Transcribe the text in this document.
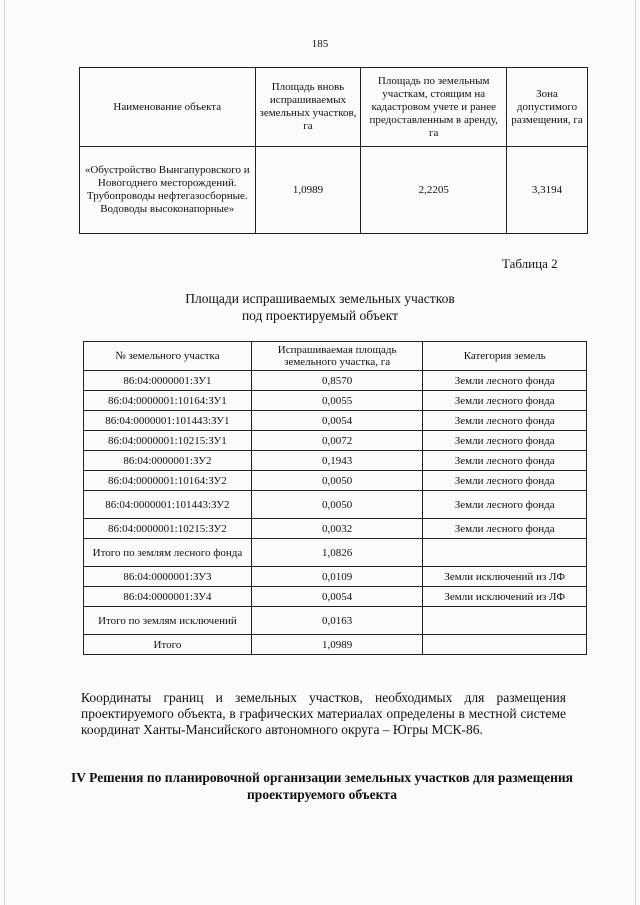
185
Наименование объекта	Площадь вновь испрашиваемых земельных участков, га	Площадь по земельным участкам, стоящим на кадастровом учете и ранее предоставленным в аренду, га	Зона допустимого размещения, га
«Обустройство Вынгапуровского и Новогоднего месторождений. Трубопроводы нефтегазосборные. Водоводы высоконапорные»	1,0989	2,2205	3,3194
Таблица 2
Площади испрашиваемых земельных участков
под проектируемый объект
№ земельного участка	Испрашиваемая площадь земельного участка, га	Категория земель
86:04:0000001:ЗУ1	0,8570	Земли лесного фонда
86:04:0000001:10164:ЗУ1	0,0055	Земли лесного фонда
86:04:0000001:101443:ЗУ1	0,0054	Земли лесного фонда
86:04:0000001:10215:ЗУ1	0,0072	Земли лесного фонда
86:04:0000001:ЗУ2	0,1943	Земли лесного фонда
86:04:0000001:10164:ЗУ2	0,0050	Земли лесного фонда
86:04:0000001:101443:ЗУ2	0,0050	Земли лесного фонда
86:04:0000001:10215:ЗУ2	0,0032	Земли лесного фонда
Итого по землям лесного фонда	1,0826	
86:04:0000001:ЗУ3	0,0109	Земли исключений из ЛФ
86:04:0000001:ЗУ4	0,0054	Земли исключений из ЛФ
Итого по землям исключений	0,0163	
Итого	1,0989	
Координаты границ и земельных участков, необходимых для размещения проектируемого объекта, в графических материалах определены в местной системе координат Ханты-Мансийского автономного округа – Югры МСК-86.
IV Решения по планировочной организации земельных участков для размещения проектируемого объекта
